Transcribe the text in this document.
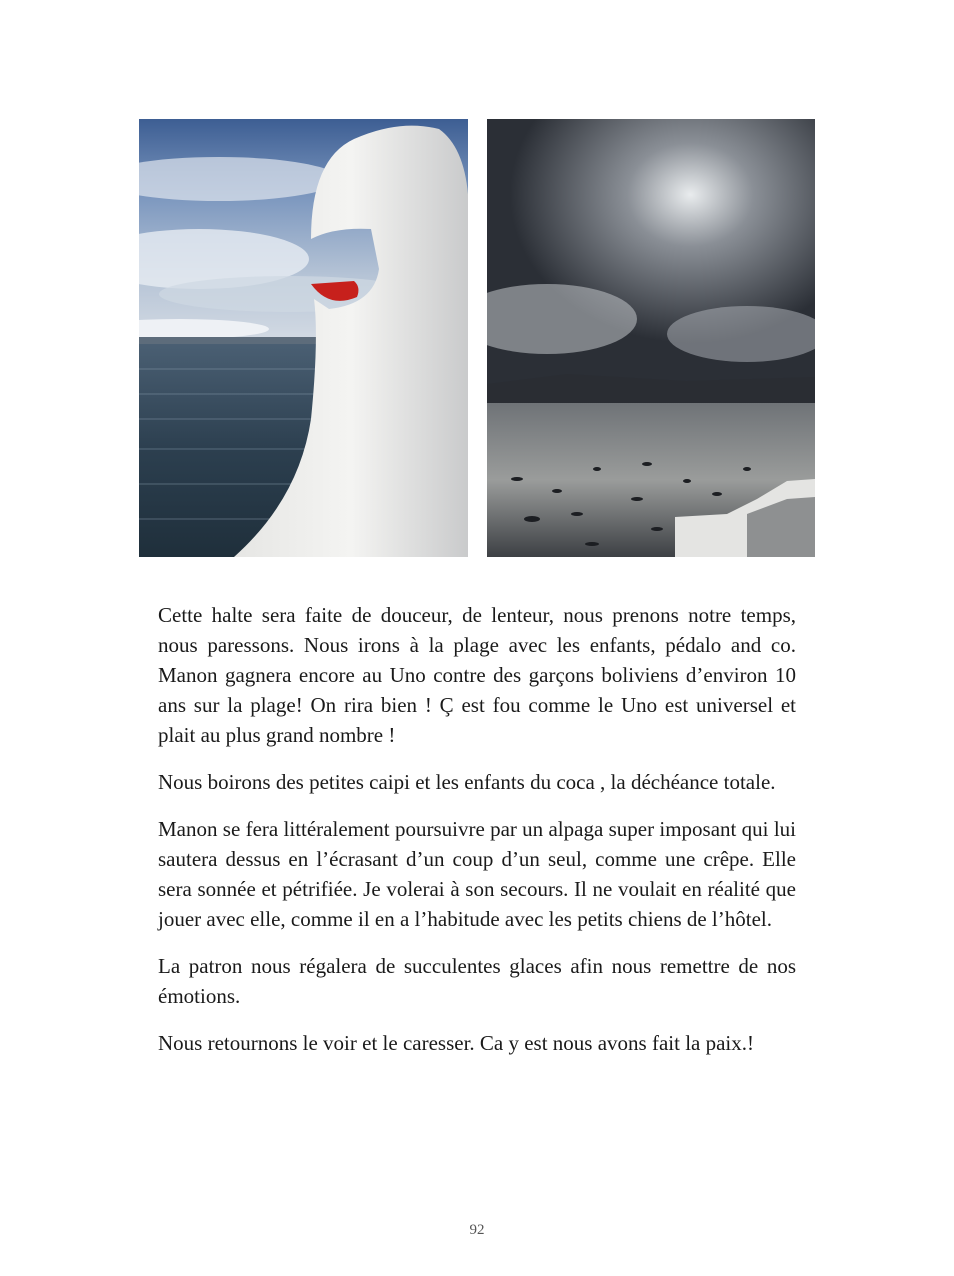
Cette halte sera faite de douceur, de lenteur, nous prenons notre temps, nous paressons. Nous irons à la plage avec les enfants, pédalo and co. Manon gagnera encore au Uno contre des garçons boliviens d’environ 10 ans sur la plage! On rira bien ! Ç est fou comme le Uno est universel et plait au plus grand nombre !

Nous boirons des petites caipi et les enfants du coca , la déchéance totale.

Manon se fera littéralement poursuivre par un alpaga super imposant qui lui sautera dessus en l’écrasant d’un coup d’un seul, comme une crêpe. Elle sera sonnée et pétrifiée. Je volerai à son secours. Il ne voulait en réalité que jouer avec elle, comme il en a l’habitude avec les petits chiens de l’hôtel.

La patron nous régalera de succulentes glaces afin nous remettre de nos émotions.

Nous retournons le voir et le caresser. Ca y est nous avons fait la paix.!

92
